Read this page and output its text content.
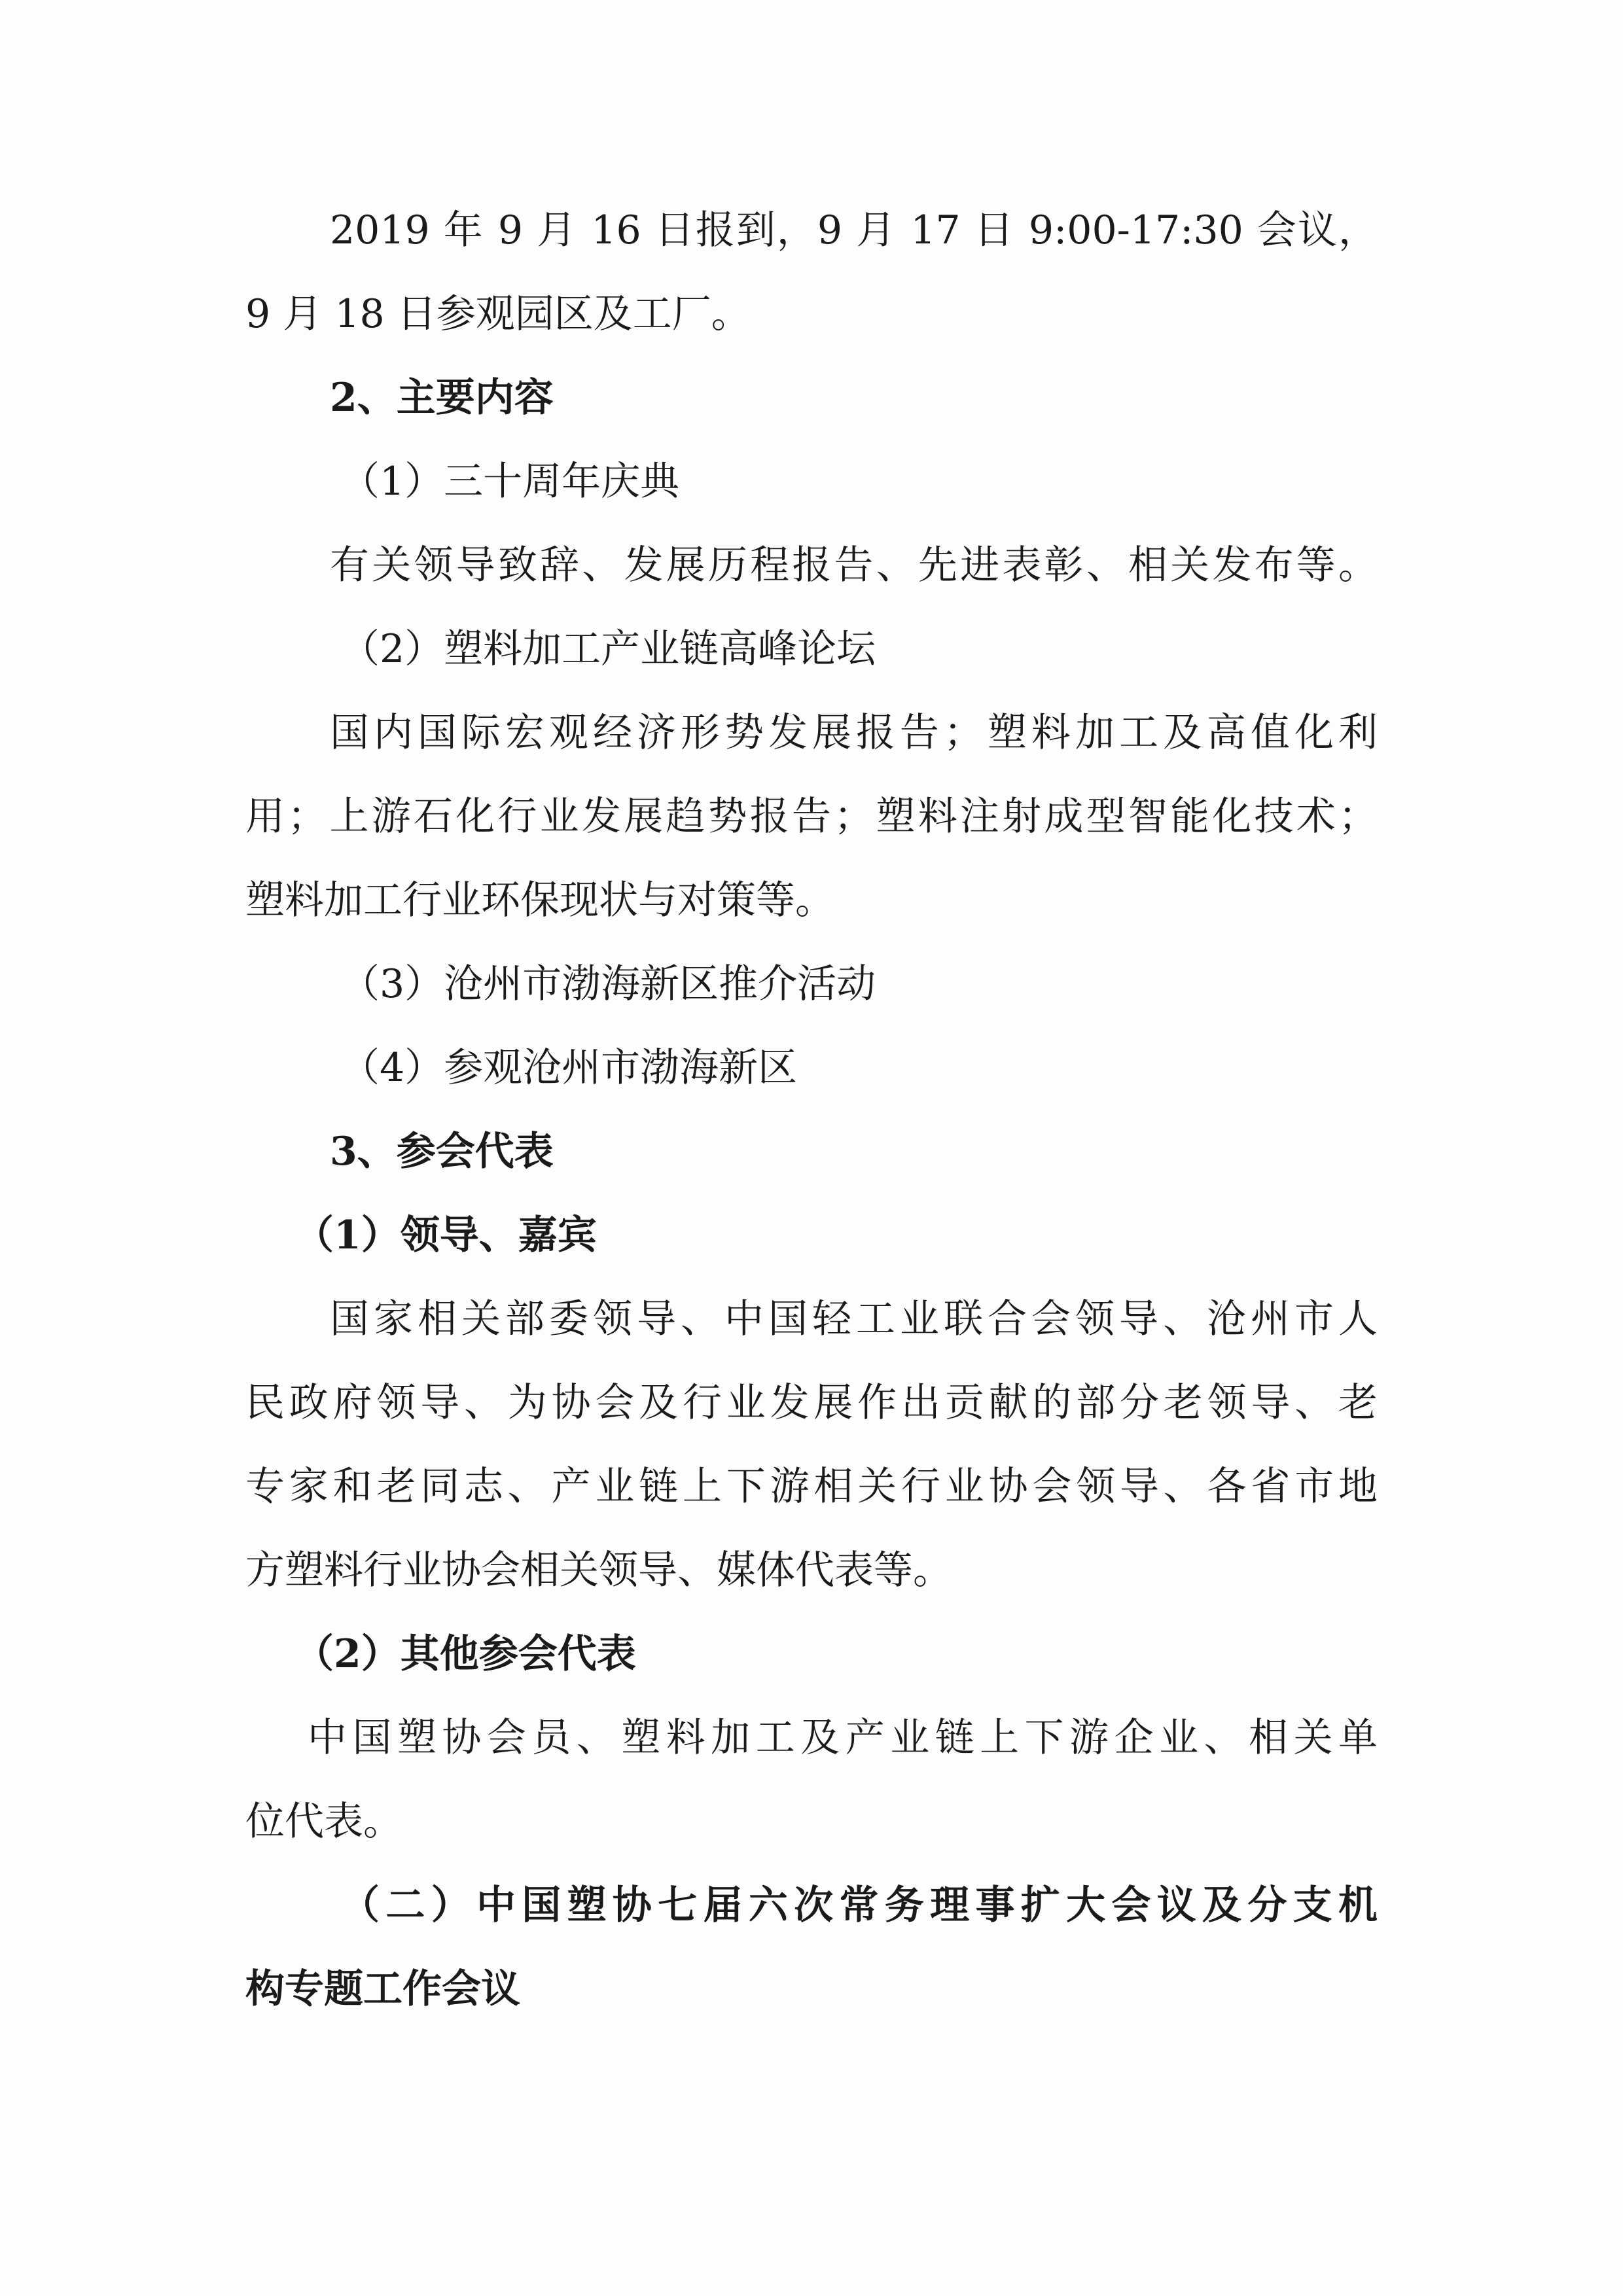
2019 年 9 月 16 日报到，9 月 17 日 9:00-17:30 会议，

9 月 18 日参观园区及工厂。

2、主要内容

（1）三十周年庆典

有关领导致辞、发展历程报告、先进表彰、相关发布等。

（2）塑料加工产业链高峰论坛

国内国际宏观经济形势发展报告；塑料加工及高值化利

用；上游石化行业发展趋势报告；塑料注射成型智能化技术；

塑料加工行业环保现状与对策等。

（3）沧州市渤海新区推介活动

（4）参观沧州市渤海新区

3、参会代表

（1）领导、嘉宾

国家相关部委领导、中国轻工业联合会领导、沧州市人

民政府领导、为协会及行业发展作出贡献的部分老领导、老

专家和老同志、产业链上下游相关行业协会领导、各省市地

方塑料行业协会相关领导、媒体代表等。

（2）其他参会代表

中国塑协会员、塑料加工及产业链上下游企业、相关单

位代表。

（二）中国塑协七届六次常务理事扩大会议及分支机

构专题工作会议
